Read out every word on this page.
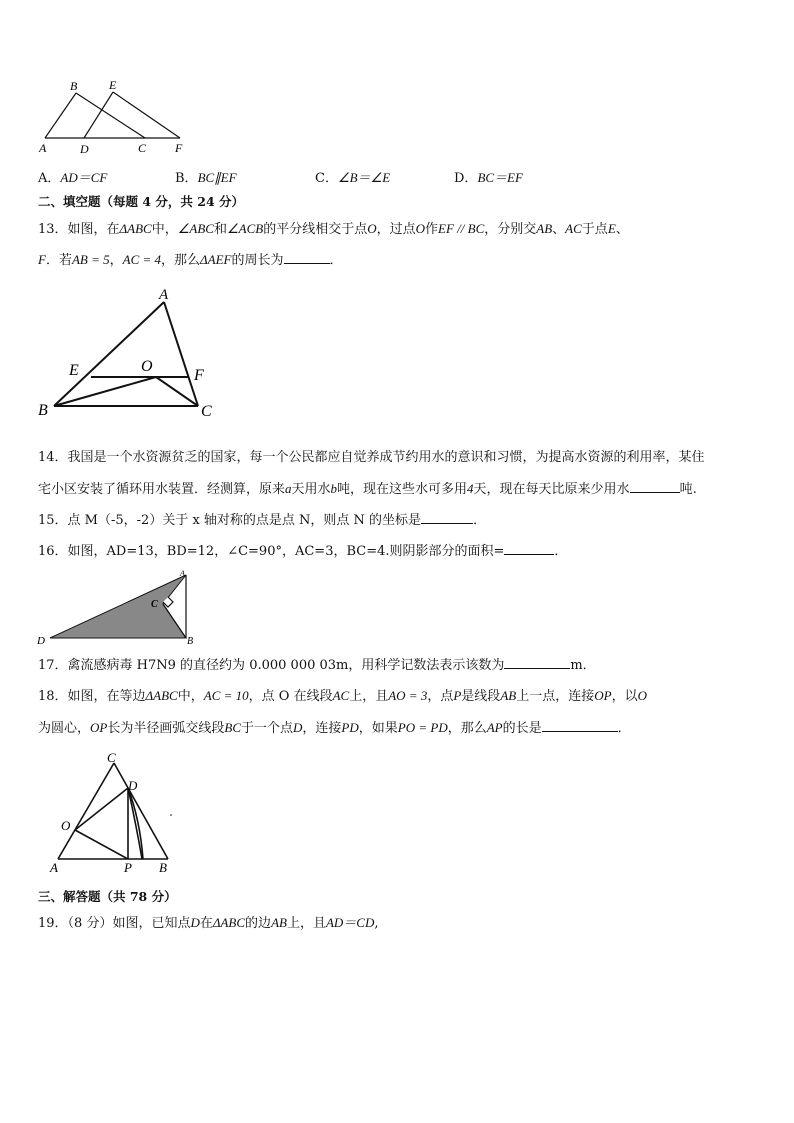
A
B
C
D
E
F
A．AD＝CF	B．BC∥EF	C．∠B＝∠E	D．BC＝EF
二、填空题（每题 4 分，共 24 分）
13．如图，在ΔABC中，∠ABC和∠ACB的平分线相交于点O，过点O作EF // BC，分别交AB、AC于点E、
F．若AB = 5，AC = 4，那么ΔAEF的周长为	．
A
E	O
F
B	C
14．我国是一个水资源贫乏的国家，每一个公民都应自觉养成节约用水的意识和习惯，为提高水资源的利用率，某住
宅小区安装了循环用水装置．经测算，原来a天用水b吨，现在这些水可多用4天，现在每天比原来少用水	吨.
15．点 M（-5，-2）关于 x 轴对称的点是点 N，则点 N 的坐标是	．
16．如图，AD=13，BD=12，∠C=90°，AC=3，BC=4.则阴影部分的面积=	．
A
C
D	B
17．禽流感病毒 H7N9 的直径约为 0.000 000 03m，用科学记数法表示该数为	m．
18．如图，在等边ΔABC中，AC = 10，点 O 在线段AC上，且AO = 3，点P是线段AB上一点，连接OP，以O
为圆心，OP长为半径画弧交线段BC于一个点D，连接PD，如果PO = PD，那么AP的长是	．
C
D
O
A	P B
三、解答题（共 78 分）
19．（8 分）如图，已知点D在ΔABC的边AB上，且AD＝CD,
